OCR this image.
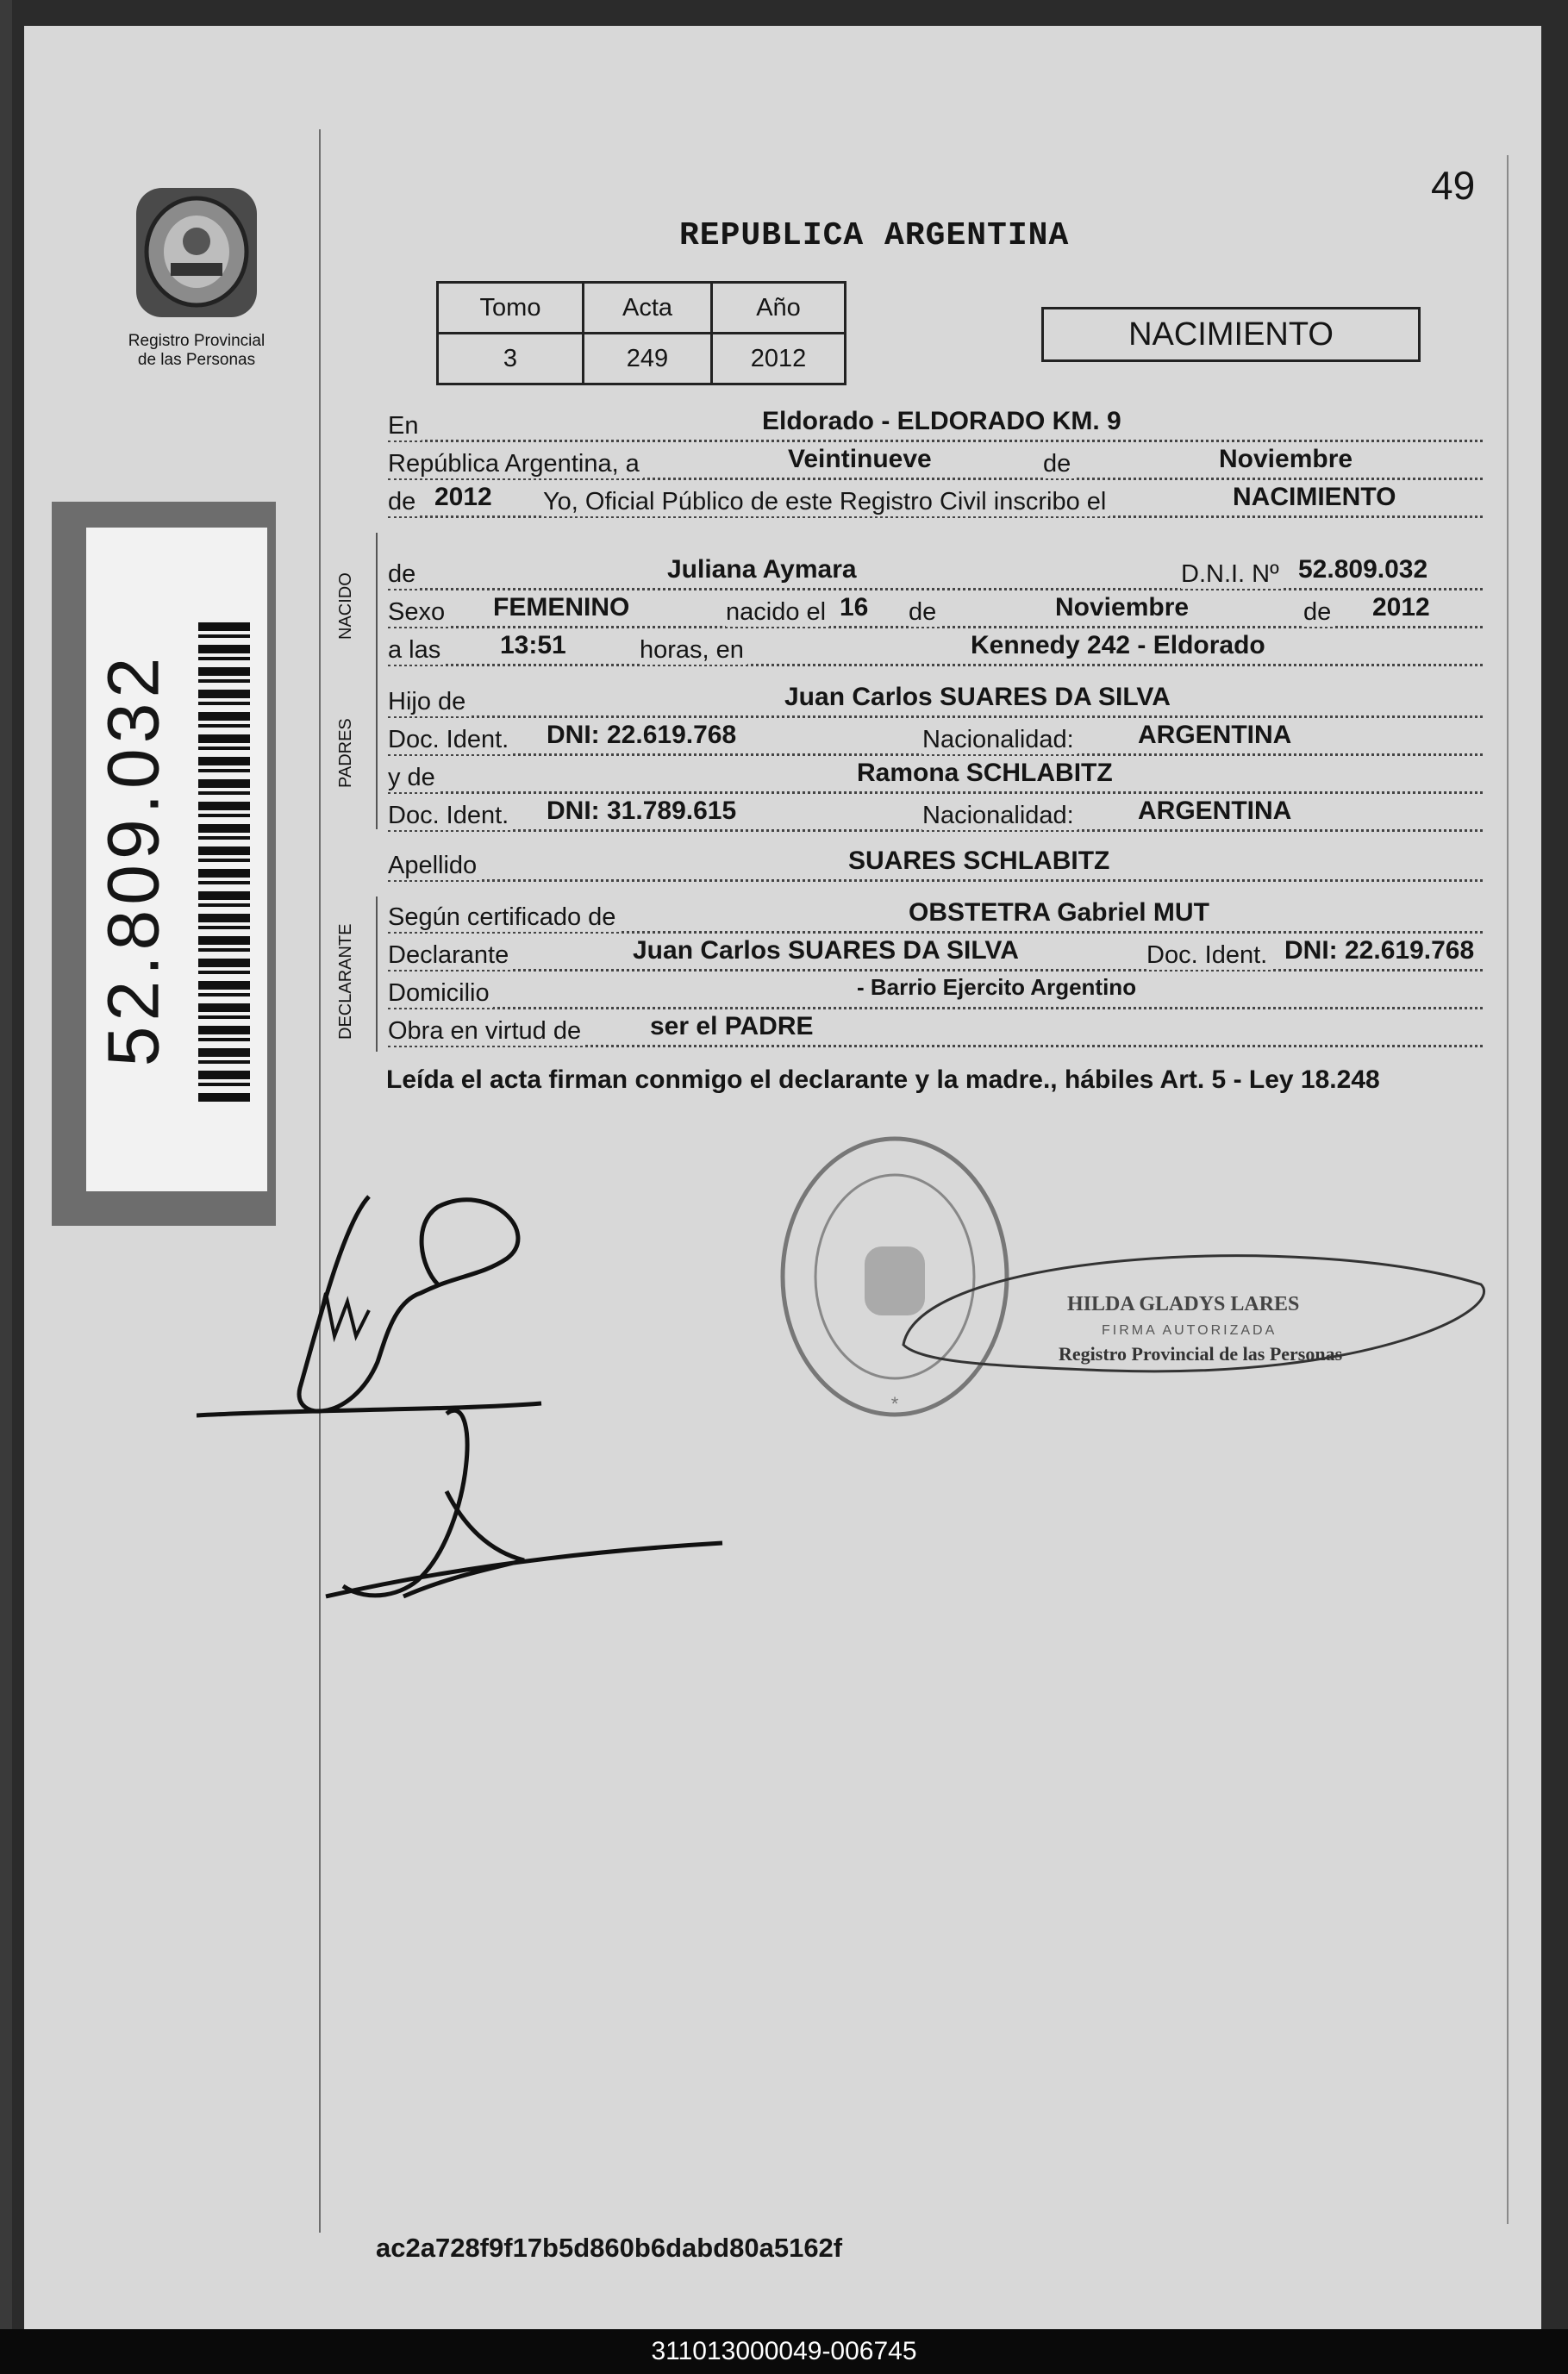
49
REPUBLICA ARGENTINA
Registro Provincial
de las Personas
Tomo	Acta	Año
3	249	2012
NACIMIENTO
52.809.032
NACIDO
PADRES
DECLARANTE
En	Eldorado - ELDORADO KM. 9
República Argentina, a	Veintinueve	de	Noviembre
de 2012 Yo, Oficial Público de este Registro Civil inscribo el	NACIMIENTO
de	Juliana Aymara	D.N.I. Nº 52.809.032
Sexo FEMENINO	nacido el 16 de	Noviembre	de 2012
a las 13:51	horas, en	Kennedy 242 - Eldorado
Hijo de	Juan Carlos SUARES DA SILVA
Doc. Ident. DNI: 22.619.768	Nacionalidad: ARGENTINA
y de	Ramona SCHLABITZ
Doc. Ident. DNI: 31.789.615	Nacionalidad: ARGENTINA
Apellido	SUARES SCHLABITZ
Según certificado de	OBSTETRA Gabriel MUT
Declarante	Juan Carlos SUARES DA SILVA	Doc. Ident. DNI: 22.619.768
Domicilio	- Barrio Ejercito Argentino
Obra en virtud de	ser el PADRE
Leída el acta firman conmigo el declarante y la madre., hábiles Art. 5 - Ley 18.248
*
HILDA GLADYS LARES
FIRMA AUTORIZADA
Registro Provincial de las Personas
ac2a728f9f17b5d860b6dabd80a5162f
311013000049-006745
